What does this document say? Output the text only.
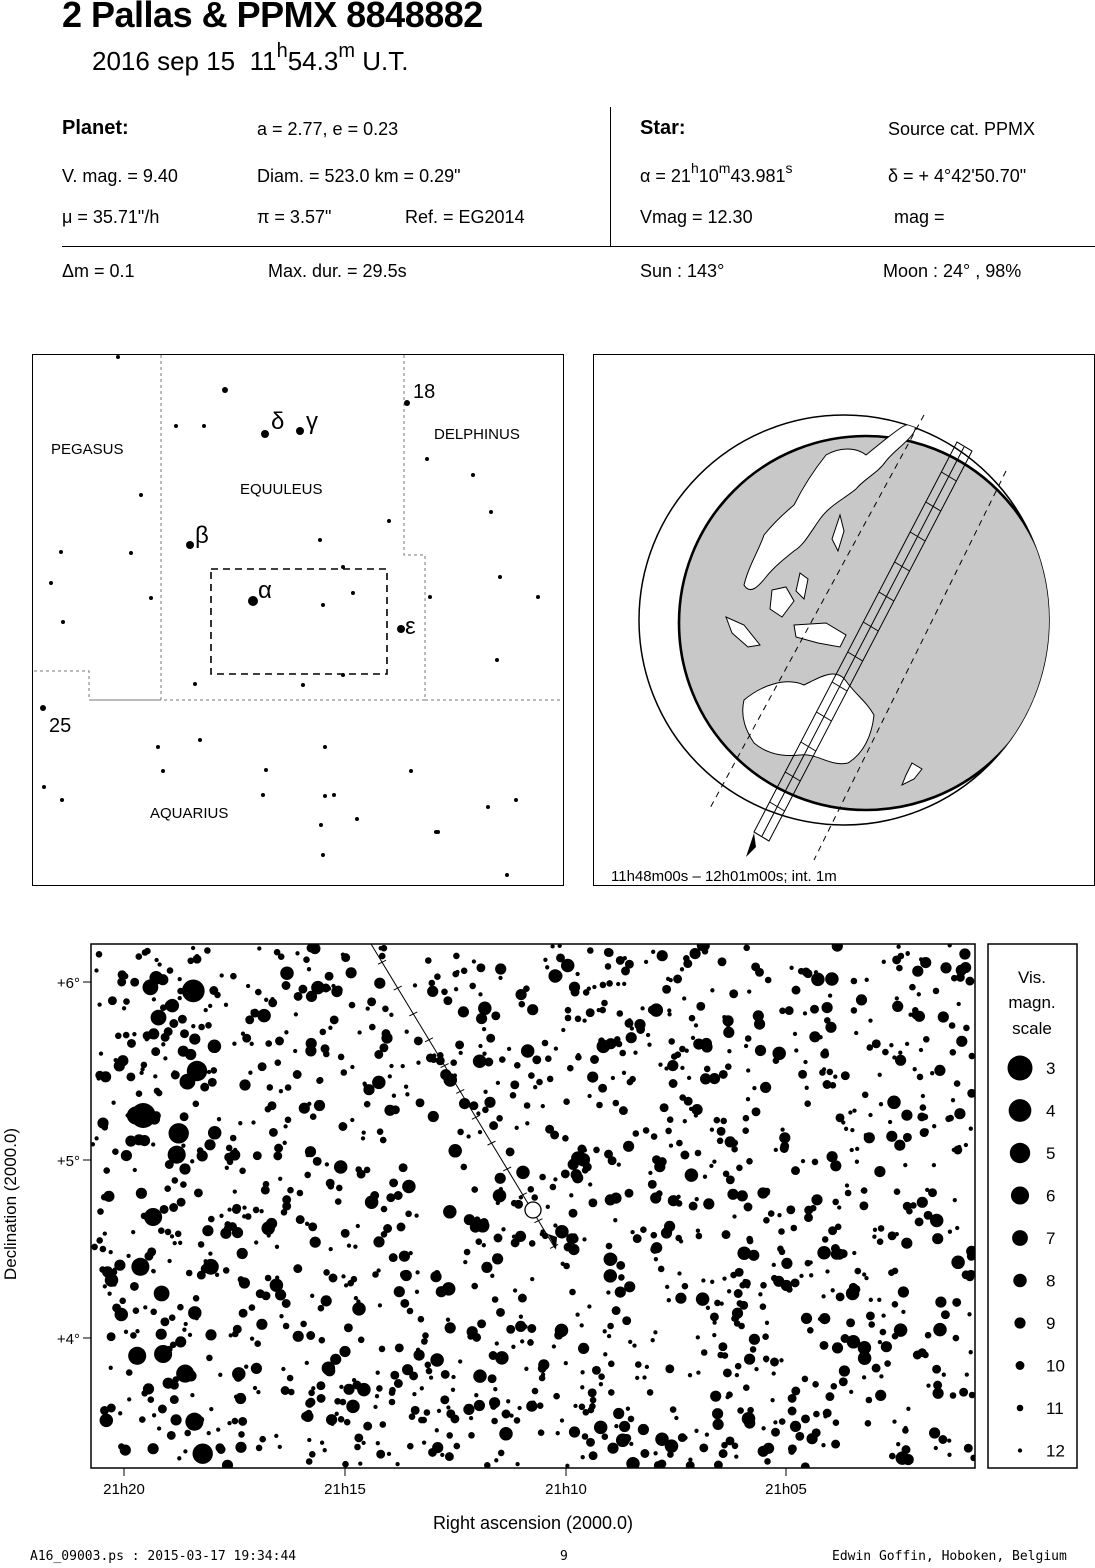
2 Pallas & PPMX 8848882
2016 sep 15 11$^h$54.3$^m$ U.T.
Planet:	a = 2.77, e = 0.23
V. mag. = 9.40	Diam. = 523.0 km = 0.29"
μ = 35.71"/h	π = 3.57"	Ref. = EG2014
Star:	Source cat. PPMX
$\alpha = 21^h10^m43.981^s$	δ = + 4°42'50.70"
Vmag = 12.30	mag =
Δm = 0.1	Max. dur. = 29.5s	Sun : 143°	Moon : 24° , 98%
PEGASUS
EQUULEUS
DELPHINUS
AQUARIUS
δ γ
β
α
ε
18
25
11h48m00s – 12h01m00s; int. 1m
21h20	21h15	21h10	21h05
+6°
+5°
+4°
Right ascension (2000.0)
Declination (2000.0)
Vis.
magn.
scale
3
4
5
6
7
8
9
10
11
12
A16_09003.ps : 2015-03-17 19:34:44	9	Edwin Goffin, Hoboken, Belgium
